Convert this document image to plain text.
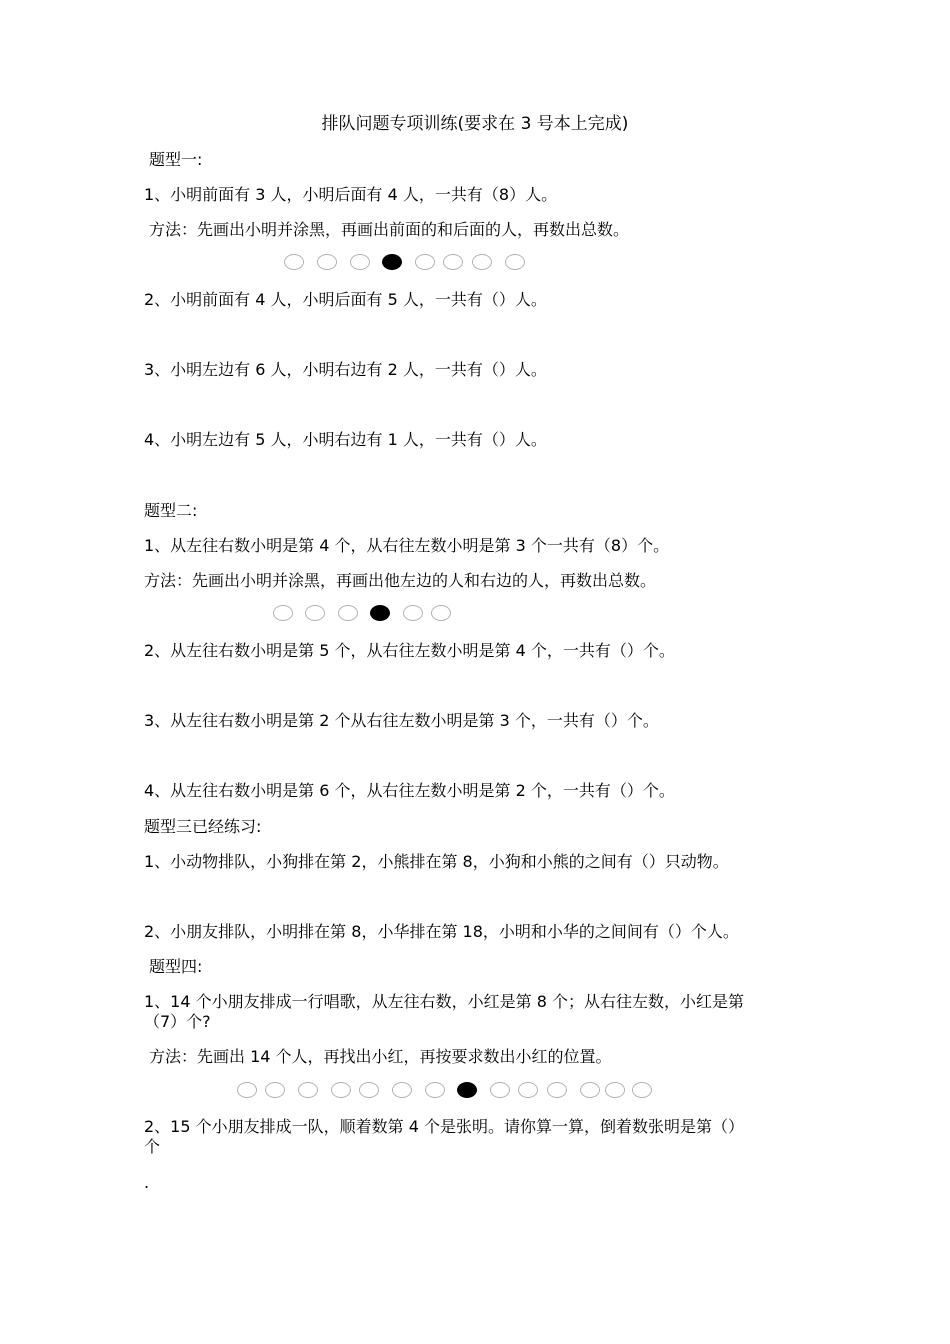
排队问题专项训练(要求在 3 号本上完成)
题型一:
1、小明前面有 3 人，小明后面有 4 人，一共有（8）人。
方法：先画出小明并涂黑，再画出前面的和后面的人，再数出总数。
2、小明前面有 4 人，小明后面有 5 人，一共有（）人。
3、小明左边有 6 人，小明右边有 2 人，一共有（）人。
4、小明左边有 5 人，小明右边有 1 人，一共有（）人。
题型二:
1、从左往右数小明是第 4 个，从右往左数小明是第 3 个一共有（8）个。
方法：先画出小明并涂黑，再画出他左边的人和右边的人，再数出总数。
2、从左往右数小明是第 5 个，从右往左数小明是第 4 个，一共有（）个。
3、从左往右数小明是第 2 个从右往左数小明是第 3 个，一共有（）个。
4、从左往右数小明是第 6 个，从右往左数小明是第 2 个，一共有（）个。
题型三已经练习:
1、小动物排队，小狗排在第 2，小熊排在第 8，小狗和小熊的之间有（）只动物。
2、小朋友排队，小明排在第 8，小华排在第 18，小明和小华的之间间有（）个人。
题型四:
1、14 个小朋友排成一行唱歌，从左往右数，小红是第 8 个；从右往左数，小红是第
（7）个?
方法：先画出 14 个人，再找出小红，再按要求数出小红的位置。
2、15 个小朋友排成一队，顺着数第 4 个是张明。请你算一算，倒着数张明是第（）
个
.
